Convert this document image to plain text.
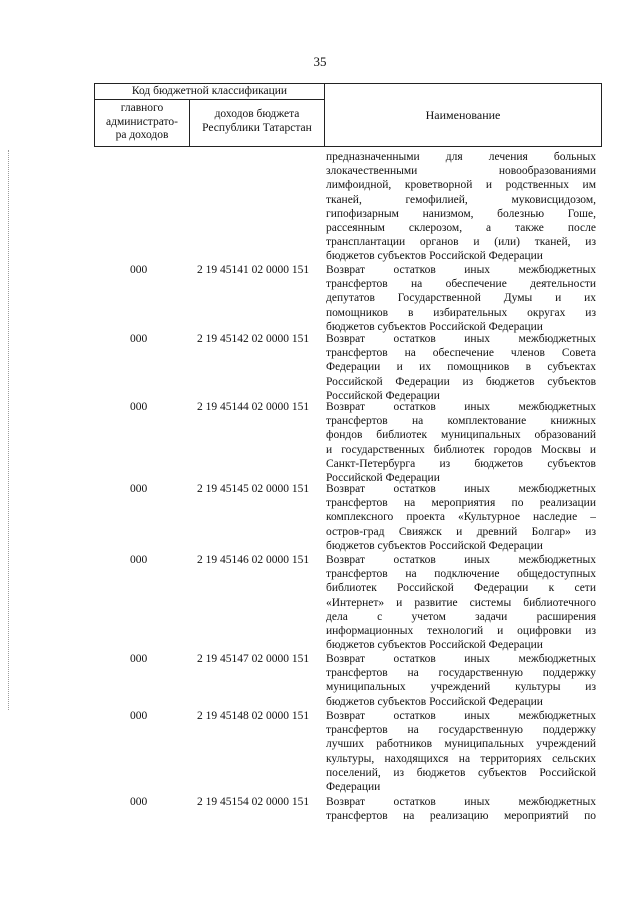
35
Код бюджетной классификации
главного
администрато-
ра доходов
доходов бюджета
Республики Татарстан
Наименование
предназначенными для лечения больных
злокачественными новообразованиями
лимфоидной, кроветворной и родственных им
тканей, гемофилией, муковисцидозом,
гипофизарным нанизмом, болезнью Гоше,
рассеянным склерозом, а также после
трансплантации органов и (или) тканей, из
бюджетов субъектов Российской Федерации
000	2 19 45141 02 0000 151 Возврат остатков иных межбюджетных
трансфертов на обеспечение деятельности
депутатов Государственной Думы и их
помощников в избирательных округах из
бюджетов субъектов Российской Федерации
000	2 19 45142 02 0000 151 Возврат остатков иных межбюджетных
трансфертов на обеспечение членов Совета
Федерации и их помощников в субъектах
Российской Федерации из бюджетов субъектов
Российской Федерации
000	2 19 45144 02 0000 151 Возврат остатков иных межбюджетных
трансфертов на комплектование книжных
фондов библиотек муниципальных образований
и государственных библиотек городов Москвы и
Санкт-Петербурга из бюджетов субъектов
Российской Федерации
000	2 19 45145 02 0000 151 Возврат остатков иных межбюджетных
трансфертов на мероприятия по реализации
комплексного проекта «Культурное наследие –
остров-град Свияжск и древний Болгар» из
бюджетов субъектов Российской Федерации
000	2 19 45146 02 0000 151 Возврат остатков иных межбюджетных
трансфертов на подключение общедоступных
библиотек Российской Федерации к сети
«Интернет» и развитие системы библиотечного
дела с учетом задачи расширения
информационных технологий и оцифровки из
бюджетов субъектов Российской Федерации
000	2 19 45147 02 0000 151 Возврат остатков иных межбюджетных
трансфертов на государственную поддержку
муниципальных учреждений культуры из
бюджетов субъектов Российской Федерации
000	2 19 45148 02 0000 151 Возврат остатков иных межбюджетных
трансфертов на государственную поддержку
лучших работников муниципальных учреждений
культуры, находящихся на территориях сельских
поселений, из бюджетов субъектов Российской
Федерации
000	2 19 45154 02 0000 151 Возврат остатков иных межбюджетных
трансфертов на реализацию мероприятий по
